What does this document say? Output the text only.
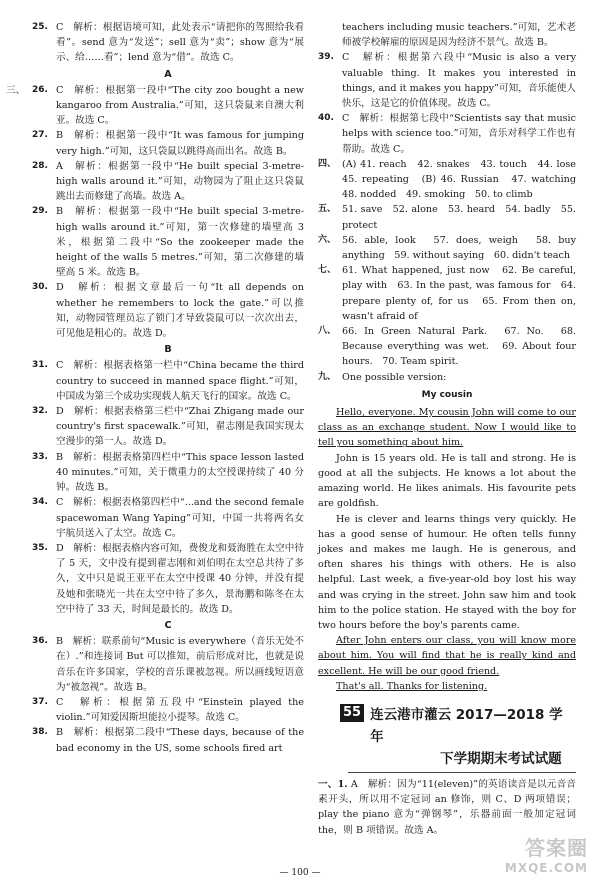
25. C　解析：根据语境可知，此处表示“请把你的驾照给我看看”。send 意为“发送”；sell 意为“卖”；show 意为“展示、给……看”；lend 意为“借”。故选 C。

A
三、 26. C　解析：根据第一段中“The city zoo bought a new kangaroo from Australia.”可知，这只袋鼠来自澳大利亚。故选 C。

27. B　解析：根据第一段中“It was famous for jumping very high.”可知，这只袋鼠以跳得高而出名。故选 B。

28. A　解析：根据第一段中“He built special 3-metre-high walls around it.”可知，动物园为了阻止这只袋鼠跳出去而修建了高墙。故选 A。

29. B　解析：根据第一段中“He built special 3-metre-high walls around it.”可知，第一次修建的墙壁高 3 米，根据第二段中“So the zookeeper made the height of the walls 5 metres.”可知，第二次修建的墙壁高 5 米。故选 B。

30. D　解析：根据文章最后一句“It all depends on whether he remembers to lock the gate.”可以推知，动物园管理员忘了锁门才导致袋鼠可以一次次出去，可见他是粗心的。故选 D。

B
31. C　解析：根据表格第一栏中“China became the third country to succeed in manned space flight.”可知，中国成为第三个成功实现载人航天飞行的国家。故选 C。

32. D　解析：根据表格第三栏中“Zhai Zhigang made our country's first spacewalk.”可知，翟志刚是我国实现太空漫步的第一人。故选 D。

33. B　解析：根据表格第四栏中“This space lesson lasted 40 minutes.”可知，关于微重力的太空授课持续了 40 分钟。故选 B。

34. C　解析：根据表格第四栏中“...and the second female spacewoman Wang Yaping”可知，中国一共将两名女宇航员送入了太空。故选 C。

35. D　解析：根据表格内容可知，费俊龙和聂海胜在太空中待了 5 天，文中没有提到翟志刚和刘伯明在太空总共待了多久，文中只是说王亚平在太空中授课 40 分钟，并没有提及她和张晓光一共在太空中待了多久，景海鹏和陈冬在太空中待了 33 天，时间是最长的。故选 D。

C
36. B　解析：联系前句“Music is everywhere（音乐无处不在）.”和连接词 But 可以推知，前后形成对比，也就是说音乐在许多国家，学校的音乐课被忽视。所以画线短语意为“被忽视”。故选 B。

37. C　解析：根据第五段中“Einstein played the violin.”可知爱因斯坦能拉小提琴。故选 C。

38. B　解析：根据第二段中“These days, because of the bad economy in the US, some schools fired art

teachers including music teachers.”可知，艺术老师被学校解雇的原因是因为经济不景气。故选 B。

39. C　解析：根据第六段中“Music is also a very valuable thing. It makes you interested in things, and it makes you happy”可知，音乐能使人快乐，这是它的价值体现。故选 C。

40. C　解析：根据第七段中“Scientists say that music helps with science too.”可知，音乐对科学工作也有帮助。故选 C。

四、 (A) 41. reach　42. snakes　43. touch　44. lose　45. repeating　(B) 46. Russian　47. watching　48. nodded　49. smoking　50. to climb

五、 51. save　52. alone　53. heard　54. badly　55. protect

六、 56. able, look　57. does, weigh　58. buy anything　59. without saying　60. didn't teach

七、 61. What happened, just now　62. Be careful, play with　63. In the past, was famous for　64. prepare plenty of, for us　65. From then on, wasn't afraid of

八、 66. In Green Natural Park.　67. No.　68. Because everything was wet.　69. About four hours.　70. Team spirit.

九、 One possible version:

My cousin

Hello, everyone. My cousin John will come to our class as an exchange student. Now I would like to tell you something about him.

John is 15 years old. He is tall and strong. He is good at all the subjects. He knows a lot about the amazing world. He likes animals. His favourite pets are goldfish.

He is clever and learns things very quickly. He has a good sense of humour. He often tells funny jokes and makes me laugh. He is generous, and often shares his things with others. He is also helpful. Last week, a five-year-old boy lost his way and was crying in the street. John saw him and took him to the police station. He stayed with the boy for two hours before the boy's parents came.

After John enters our class, you will know more about him. You will find that he is really kind and excellent. He will be our good friend.

That's all. Thanks for listening.

55 连云港市灌云 2017—2018 学年
下学期期末考试试题

一、1. A　解析：因为“11(eleven)”的英语读音是以元音音素开头，所以用不定冠词 an 修饰，则 C、D 两项错误；play the piano 意为“弹钢琴”，乐器前面一般加定冠词 the，则 B 项错误。故选 A。

— 100 —
答案圈
MXQE.COM
